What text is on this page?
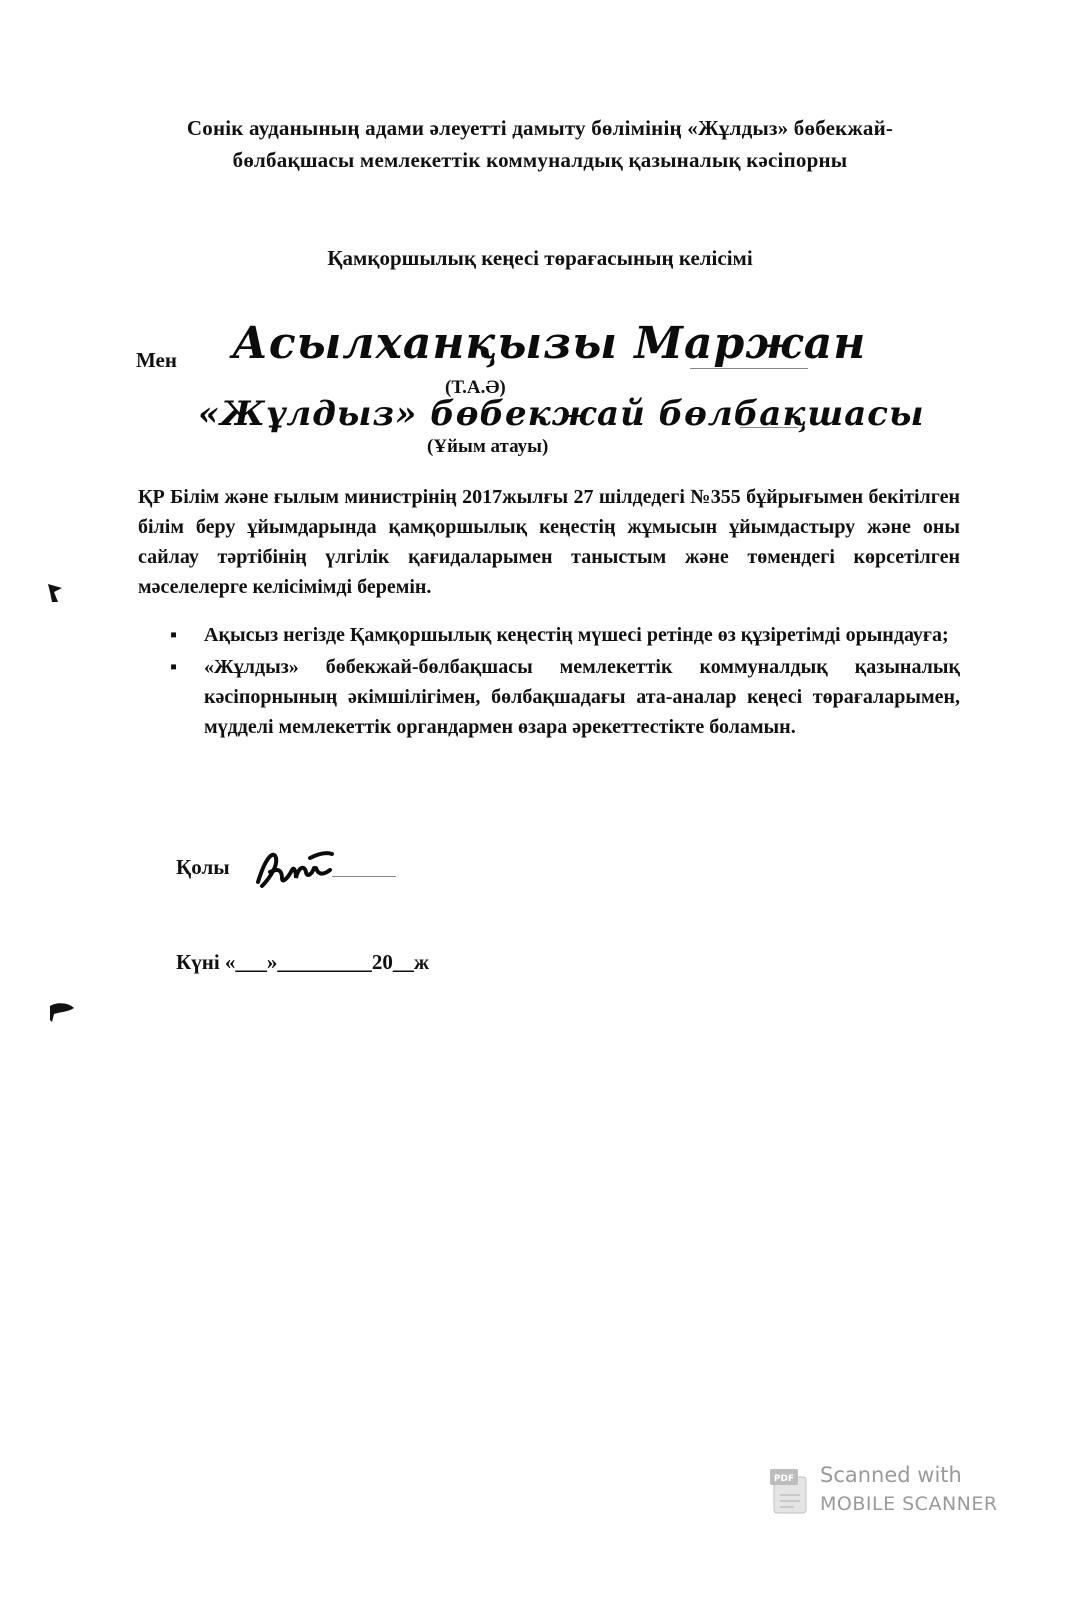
Сонік ауданының адами әлеуетті дамыту бөлімінің «Жұлдыз» бөбекжай-
бөлбақшасы мемлекеттік коммуналдық қазыналық кәсіпорны
Қамқоршылық кеңесі төрағасының келісімі
Мен Асылханқызы Маржан
(Т.А.Ә)
«Жұлдыз» бөбекжай бөлбақшасы
(Ұйым атауы)
ҚР Білім және ғылым министрінің 2017жылғы 27 шілдедегі №355 бұйрығымен бекітілген білім беру ұйымдарында қамқоршылық кеңестің жұмысын ұйымдастыру және оны сайлау тәртібінің үлгілік қағидаларымен таныстым және төмендегі көрсетілген мәселелерге келісімімді беремін.
▪ Ақысыз негізде Қамқоршылық кеңестің мүшесі ретінде өз құзіретімді орындауға;
▪ «Жұлдыз» бөбекжай-бөлбақшасы мемлекеттік коммуналдық қазыналық кәсіпорнының әкімшілігімен, бөлбақшадағы ата-аналар кеңесі төрағаларымен, мүдделі мемлекеттік органдармен өзара әрекеттестікте боламын.
Қолы
Күні «___»_________20__ж
PDF Scanned with
MOBILE SCANNER
